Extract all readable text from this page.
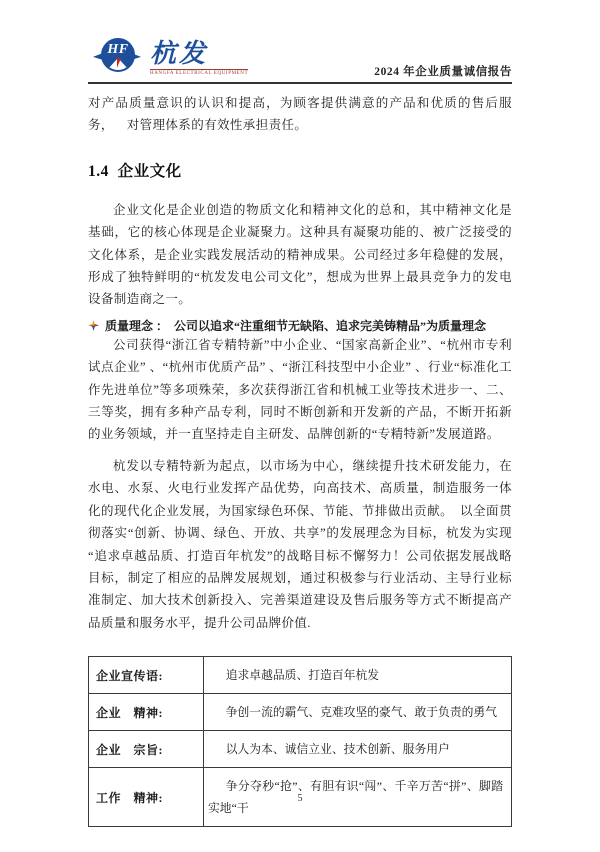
HF 杭发
HANGFA ELECTRICAL EQUIPMENT	2024 年企业质量诚信报告

对产品质量意识的认识和提高，为顾客提供满意的产品和优质的售后服务， 对管理体系的有效性承担责任。

1.4  企业文化

企业文化是企业创造的物质文化和精神文化的总和，其中精神文化是基础，它的核心体现是企业凝聚力。这种具有凝聚功能的、被广泛接受的文化体系，是企业实践发展活动的精神成果。公司经过多年稳健的发展，形成了独特鲜明的“杭发发电公司文化”，想成为世界上最具竞争力的发电设备制造商之一。

质量理念 ：　公司以追求“注重细节无缺陷、追求完美铸精品”为质量理念

公司获得“浙江省专精特新”中小企业、“国家高新企业”、“杭州市专利试点企业” 、“杭州市优质产品” 、“浙江科技型中小企业” 、行业“标准化工作先进单位”等多项殊荣，多次获得浙江省和机械工业等技术进步一、二、三等奖，拥有多种产品专利，同时不断创新和开发新的产品，不断开拓新的业务领域，并一直坚持走自主研发、品牌创新的“专精特新”发展道路。

杭发以专精特新为起点，以市场为中心，继续提升技术研发能力，在水电、水泵、火电行业发挥产品优势，向高技术、高质量，制造服务一体化的现代化企业发展，为国家绿色环保、节能、节排做出贡献。　以全面贯彻落实“创新、协调、绿色、开放、共享”的发展理念为目标，杭发为实现“追求卓越品质、打造百年杭发”的战略目标不懈努力！公司依据发展战略目标，制定了相应的品牌发展规划，通过积极参与行业活动、主导行业标准制定、加大技术创新投入、完善渠道建设及售后服务等方式不断提高产品质量和服务水平，提升公司品牌价值.

企业宣传语:	追求卓越品质、打造百年杭发
企业　精神:	争创一流的霸气、克难攻坚的豪气、敢于负责的勇气
企业　宗旨:	以人为本、诚信立业、技术创新、服务用户
工作　精神:	争分夺秒“抢”、有胆有识“闯”、千辛万苦“拼”、脚踏实地“干
5
